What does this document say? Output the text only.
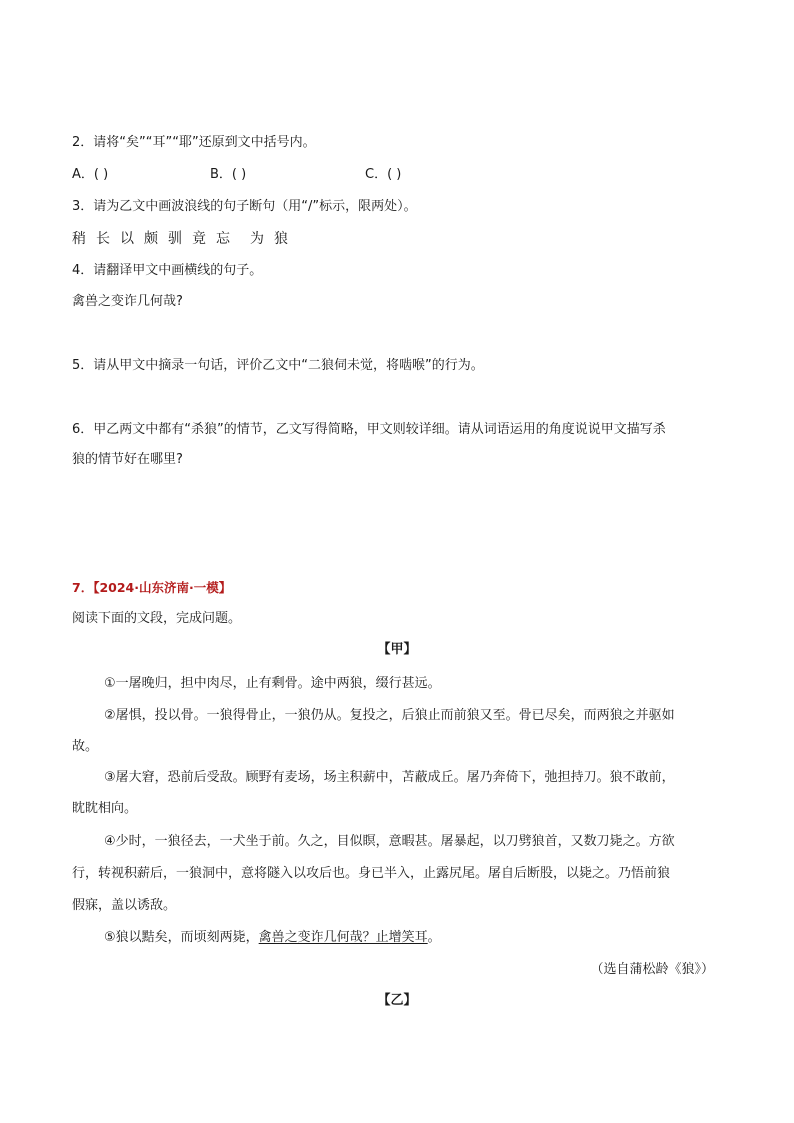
2．请将“矣”“耳”“耶”还原到文中括号内。
A．( )	B．( )	C．( )
3．请为乙文中画波浪线的句子断句（用“/”标示，限两处）。
稍 长 以 颇 驯 竟 忘 为 狼
4．请翻译甲文中画横线的句子。
禽兽之变诈几何哉?
5．请从甲文中摘录一句话，评价乙文中“二狼伺未觉，将啮喉”的行为。
6．甲乙两文中都有“杀狼”的情节，乙文写得简略，甲文则较详细。请从词语运用的角度说说甲文描写杀
狼的情节好在哪里?
7．【2024·山东济南·一模】
阅读下面的文段，完成问题。
【甲】
①一屠晚归，担中肉尽，止有剩骨。途中两狼，缀行甚远。
②屠惧，投以骨。一狼得骨止，一狼仍从。复投之，后狼止而前狼又至。骨已尽矣，而两狼之并驱如
故。
③屠大窘，恐前后受敌。顾野有麦场，场主积薪中，苫蔽成丘。屠乃奔倚下，弛担持刀。狼不敢前，
眈眈相向。
④少时，一狼径去，一犬坐于前。久之，目似瞑，意暇甚。屠暴起，以刀劈狼首，又数刀毙之。方欲
行，转视积薪后，一狼洞中，意将隧入以攻后也。身已半入，止露尻尾。屠自后断股，以毙之。乃悟前狼
假寐，盖以诱敌。
⑤狼以黠矣，而顷刻两毙，禽兽之变诈几何哉？止增笑耳。
（选自蒲松龄《狼》）
【乙】
